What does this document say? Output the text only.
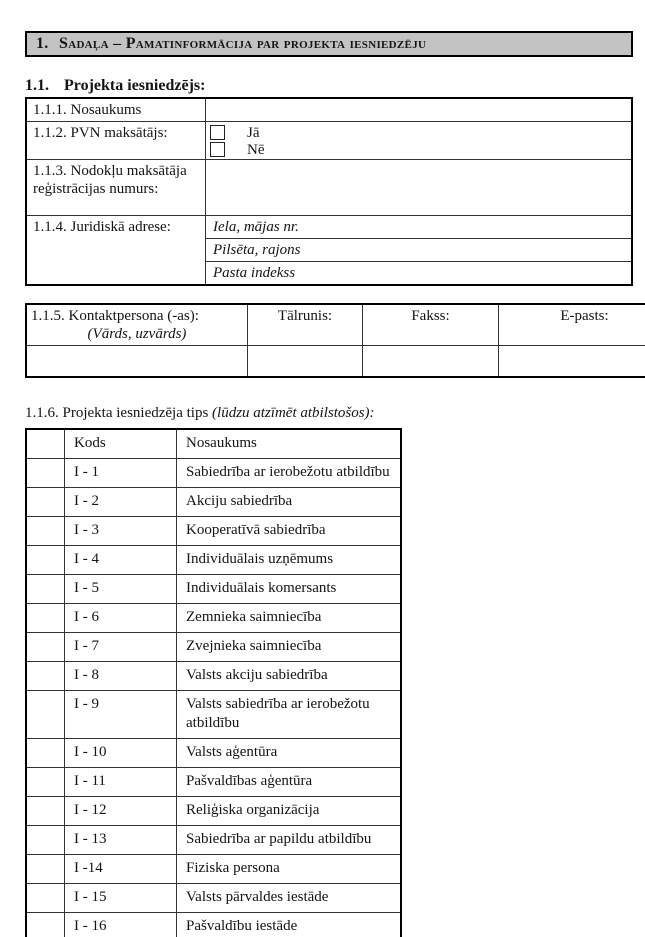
1. Sadaļa – Pamatinformācija par projekta iesniedzēju
1.1. Projekta iesniedzējs:
1.1.1. Nosaukums	
1.1.2. PVN maksātājs:	Jā
Nē

1.1.3. Nodokļu maksātāja reģistrācijas numurs:	
1.1.4. Juridiskā adrese:	Iela, mājas nr.
	Pilsēta, rajons
	Pasta indekss
1.1.5. Kontaktpersona (-as):
(Vārds, uzvārds)	Tālrunis:	Fakss:	E-pasts:

1.1.6. Projekta iesniedzēja tips (lūdzu atzīmēt atbilstošos):
	Kods	Nosaukums
	I - 1	Sabiedrība ar ierobežotu atbildību
	I - 2	Akciju sabiedrība
	I - 3	Kooperatīvā sabiedrība
	I - 4	Individuālais uzņēmums
	I - 5	Individuālais komersants
	I - 6	Zemnieka saimniecība
	I - 7	Zvejnieka saimniecība
	I - 8	Valsts akciju sabiedrība
	I - 9	Valsts sabiedrība ar ierobežotu atbildību
	I - 10	Valsts aģentūra
	I - 11	Pašvaldības aģentūra
	I - 12	Reliģiska organizācija
	I - 13	Sabiedrība ar papildu atbildību
	I -14	Fiziska persona
	I - 15	Valsts pārvaldes iestāde
	I - 16	Pašvaldību iestāde
